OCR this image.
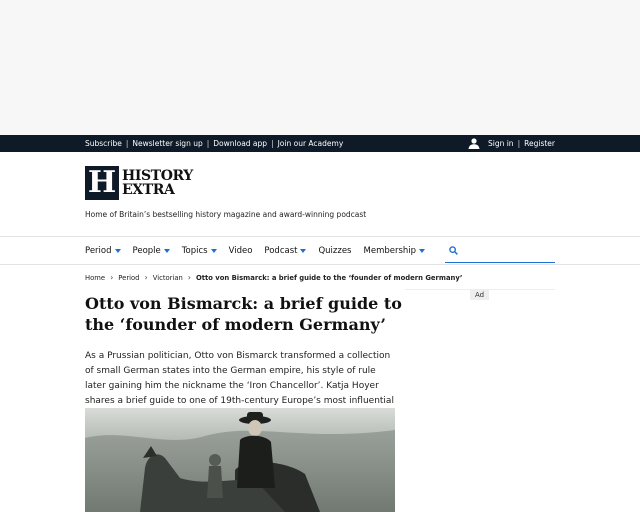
Subscribe | Newsletter sign up | Download app | Join our Academy	Sign in | Register
H HISTORY
EXTRA
Home of Britain’s bestselling history magazine and award-winning podcast
Period People Topics Video Podcast Quizzes Membership
Home › Period › Victorian › Otto von Bismarck: a brief guide to the ‘founder of modern Germany’
Otto von Bismarck: a brief guide to the ‘founder of modern Germany’
Ad

As a Prussian politician, Otto von Bismarck transformed a collection of small German states into the German empire, his style of rule later gaining him the nickname the ‘Iron Chancellor’. Katja Hoyer shares a brief guide to one of 19th-century Europe’s most influential
